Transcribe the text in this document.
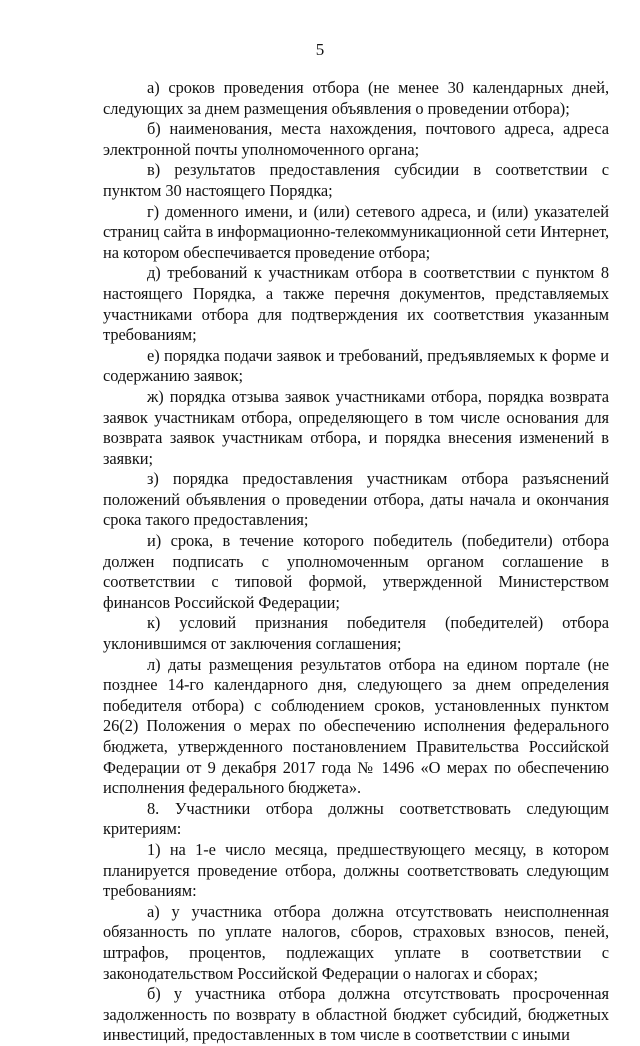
5

а) сроков проведения отбора (не менее 30 календарных дней, следующих за днем размещения объявления о проведении отбора);

б) наименования, места нахождения, почтового адреса, адреса электронной почты уполномоченного органа;

в) результатов предоставления субсидии в соответствии с пунктом 30 настоящего Порядка;

г) доменного имени, и (или) сетевого адреса, и (или) указателей страниц сайта в информационно-телекоммуникационной сети Интернет, на котором обеспечивается проведение отбора;

д) требований к участникам отбора в соответствии с пунктом 8 настоящего Порядка, а также перечня документов, представляемых участниками отбора для подтверждения их соответствия указанным требованиям;

е) порядка подачи заявок и требований, предъявляемых к форме и содержанию заявок;

ж) порядка отзыва заявок участниками отбора, порядка возврата заявок участникам отбора, определяющего в том числе основания для возврата заявок участникам отбора, и порядка внесения изменений в заявки;

з) порядка предоставления участникам отбора разъяснений положений объявления о проведении отбора, даты начала и окончания срока такого предоставления;

и) срока, в течение которого победитель (победители) отбора должен подписать с уполномоченным органом соглашение в соответствии с типовой формой, утвержденной Министерством финансов Российской Федерации;

к) условий признания победителя (победителей) отбора уклонившимся от заключения соглашения;

л) даты размещения результатов отбора на едином портале (не позднее 14-го календарного дня, следующего за днем определения победителя отбора) с соблюдением сроков, установленных пунктом 26(2) Положения о мерах по обеспечению исполнения федерального бюджета, утвержденного постановлением Правительства Российской Федерации от 9 декабря 2017 года № 1496 «О мерах по обеспечению исполнения федерального бюджета».

8. Участники отбора должны соответствовать следующим критериям:

1) на 1-е число месяца, предшествующего месяцу, в котором планируется проведение отбора, должны соответствовать следующим требованиям:

а) у участника отбора должна отсутствовать неисполненная обязанность по уплате налогов, сборов, страховых взносов, пеней, штрафов, процентов, подлежащих уплате в соответствии с законодательством Российской Федерации о налогах и сборах;

б) у участника отбора должна отсутствовать просроченная задолженность по возврату в областной бюджет субсидий, бюджетных инвестиций, предоставленных в том числе в соответствии с иными
